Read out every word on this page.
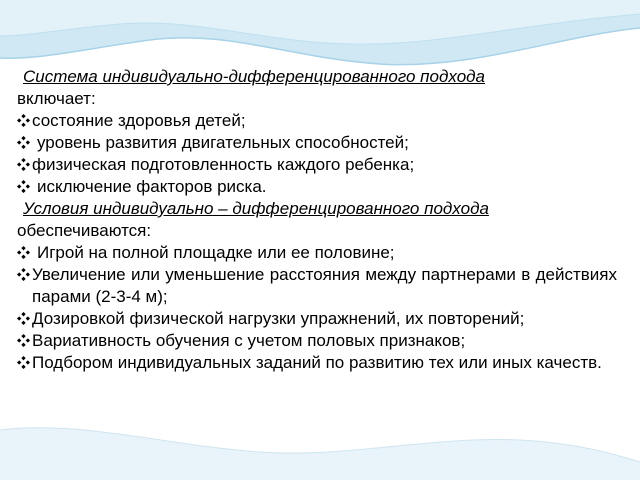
Система индивидуально-дифференцированного подхода
включает:
состояние здоровья детей;
уровень развития двигательных способностей;
физическая подготовленность каждого ребенка;
исключение факторов риска.
Условия индивидуально – дифференцированного подхода
обеспечиваются:
Игрой на полной площадке или ее половине;
Увеличение или уменьшение расстояния между партнерами в действиях парами (2-3-4 м);
Дозировкой физической нагрузки упражнений, их повторений;
Вариативность обучения с учетом половых признаков;
Подбором индивидуальных заданий по развитию тех или иных качеств.
